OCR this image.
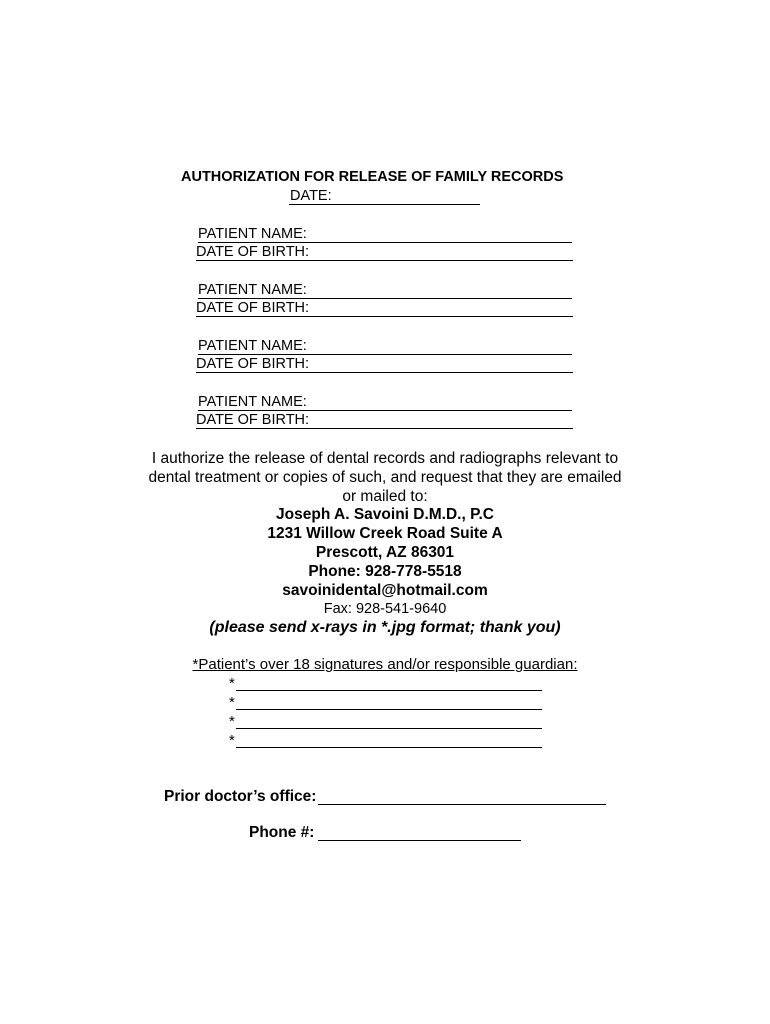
AUTHORIZATION FOR RELEASE OF FAMILY RECORDS
DATE:
PATIENT NAME:
DATE OF BIRTH:
PATIENT NAME:
DATE OF BIRTH:
PATIENT NAME:
DATE OF BIRTH:
PATIENT NAME:
DATE OF BIRTH:
I authorize the release of dental records and radiographs relevant to
dental treatment or copies of such, and request that they are emailed
or mailed to:
Joseph A. Savoini D.M.D., P.C
1231 Willow Creek Road Suite A
Prescott, AZ 86301
Phone: 928-778-5518
savoinidental@hotmail.com
Fax: 928-541-9640
(please send x-rays in *.jpg format; thank you)
*Patient’s over 18 signatures and/or responsible guardian:
*
*
*
*
Prior doctor’s office:
Phone #:
